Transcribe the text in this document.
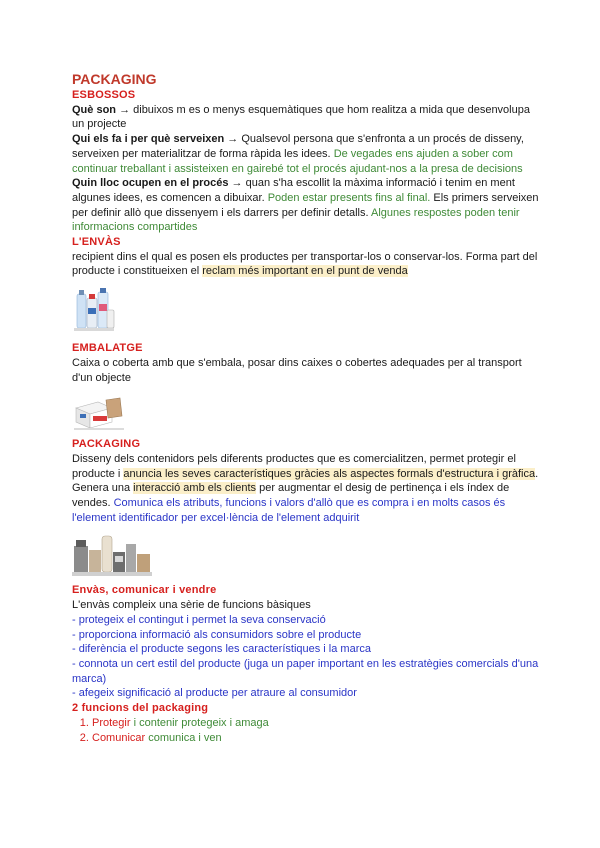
PACKAGING
ESBOSSOS

Què son → dibuixos m es o menys esquemàtiques que hom realitza a mida que desenvolupa un projecte

Qui els fa i per què serveixen → Qualsevol persona que s'enfronta a un procés de disseny, serveixen per materialitzar de forma ràpida les idees. De vegades ens ajuden a sober com continuar treballant i assisteixen en gairebé tot el procés ajudant-nos a la presa de decisions

Quin lloc ocupen en el procés → quan s'ha escollit la màxima informació i tenim en ment algunes idees, es comencen a dibuixar. Poden estar presents fins al final. Els primers serveixen per definir allò que dissenyem i els darrers per definir detalls. Algunes respostes poden tenir informacions compartides

L'ENVÀS

recipient dins el qual es posen els productes per transportar-los o conservar-los. Forma part del producte i constitueixen el reclam més important en el punt de venda

EMBALATGE

Caixa o coberta amb que s'embala, posar dins caixes o cobertes adequades per al transport d'un objecte

PACKAGING

Disseny dels contenidors pels diferents productes que es comercialitzen, permet protegir el producte i anuncia les seves característiques gràcies als aspectes formals d'estructura i gràfica. Genera una interacció amb els clients per augmentar el desig de pertinença i els índex de vendes. Comunica els atributs, funcions i valors d'allò que es compra i en molts casos és l'element identificador per excel·lència de l'element adquirit

Envàs, comunicar i vendre

L'envàs compleix una sèrie de funcions bàsiques

- protegeix el contingut i permet la seva conservació
- proporciona informació als consumidors sobre el producte
- diferència el producte segons les característiques i la marca
- connota un cert estil del producte (juga un paper important en les estratègies comercials d'una marca)
- afegeix significació al producte per atraure al consumidor
2 funcions del packaging
1. Protegir i contenir protegeix i amaga
2. Comunicar comunica i ven
